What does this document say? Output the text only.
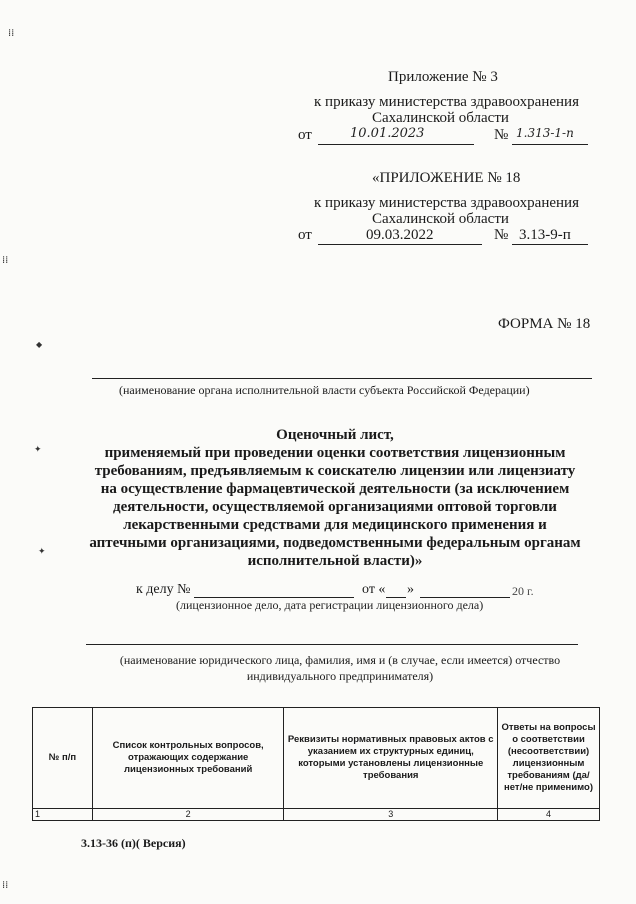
⁞⁞
⁞⁞
◆
✦
✦
⁞⁞
Приложение № 3
к приказу министерства здравоохранения
Сахалинской области
от	10.01.2023	№ 1.313-1-п
«ПРИЛОЖЕНИЕ № 18
к приказу министерства здравоохранения
Сахалинской области
от	09.03.2022	№ 3.13-9-п
ФОРМА № 18
(наименование органа исполнительной власти субъекта Российской Федерации)
Оценочный лист,
применяемый при проведении оценки соответствия лицензионным
требованиям, предъявляемым к соискателю лицензии или лицензиату
на осуществление фармацевтической деятельности (за исключением
деятельности, осуществляемой организациями оптовой торговли
лекарственными средствами для медицинского применения и
аптечными организациями, подведомственными федеральным органам
исполнительной власти)»
к делу №	от « »	20 г.
(лицензионное дело, дата регистрации лицензионного дела)
(наименование юридического лица, фамилия, имя и (в случае, если имеется) отчество
индивидуального предпринимателя)
№ п/п	Список контрольных вопросов, отражающих содержание лицензионных требований	Реквизиты нормативных правовых актов с указанием их структурных единиц, которыми установлены лицензионные требования	Ответы на вопросы о соответствии (несоответствии) лицензионным требованиям (да/нет/не применимо)
1	2	3	4
3.13-36 (п)( Версия)
